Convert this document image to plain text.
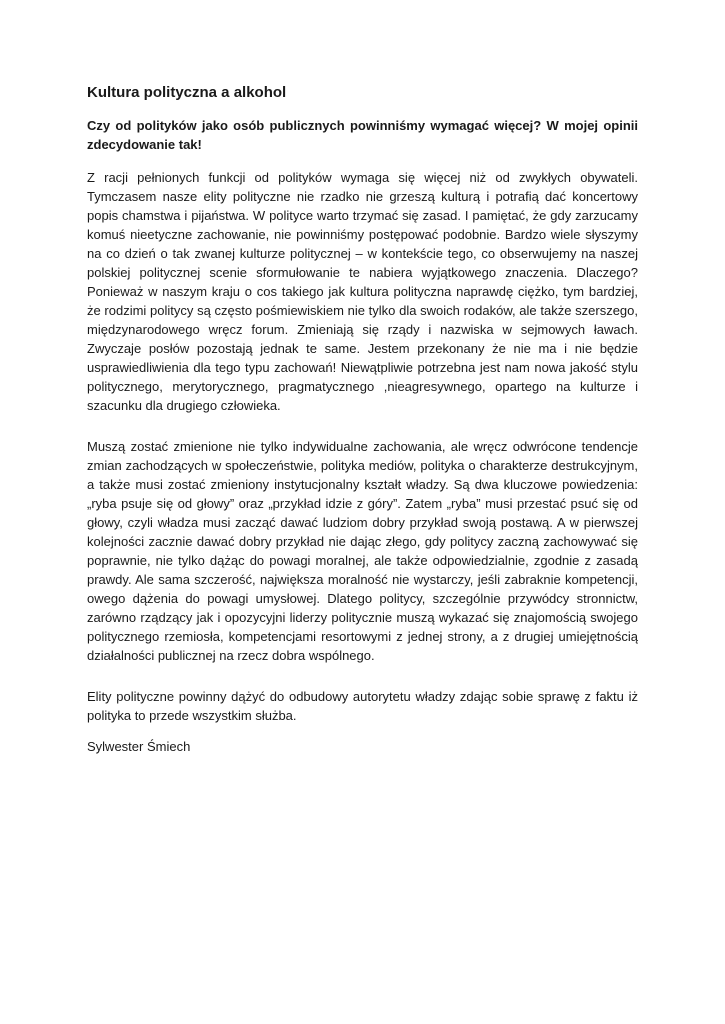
Kultura polityczna a alkohol

Czy od polityków jako osób publicznych powinniśmy wymagać więcej? W mojej opinii zdecydowanie tak!

Z racji pełnionych funkcji od polityków wymaga się więcej niż od zwykłych obywateli. Tymczasem nasze elity polityczne nie rzadko nie grzeszą kulturą i potrafią dać koncertowy popis chamstwa i pijaństwa. W polityce warto trzymać się zasad. I pamiętać, że gdy zarzucamy komuś nieetyczne zachowanie, nie powinniśmy postępować podobnie. Bardzo wiele słyszymy na co dzień o tak zwanej kulturze politycznej – w kontekście tego, co obserwujemy na naszej polskiej politycznej scenie sformułowanie te nabiera wyjątkowego znaczenia. Dlaczego? Ponieważ w naszym kraju o cos takiego jak kultura polityczna naprawdę ciężko, tym bardziej, że rodzimi politycy są często pośmiewiskiem nie tylko dla swoich rodaków, ale także szerszego, międzynarodowego wręcz forum. Zmieniają się rządy i nazwiska w sejmowych ławach. Zwyczaje posłów pozostają jednak te same. Jestem przekonany że nie ma i nie będzie usprawiedliwienia dla tego typu zachowań! Niewątpliwie potrzebna jest nam nowa jakość stylu politycznego, merytorycznego, pragmatycznego ,nieagresywnego, opartego na kulturze i szacunku dla drugiego człowieka.

Muszą zostać zmienione nie tylko indywidualne zachowania, ale wręcz odwrócone tendencje zmian zachodzących w społeczeństwie, polityka mediów, polityka o charakterze destrukcyjnym, a także musi zostać zmieniony instytucjonalny kształt władzy. Są dwa kluczowe powiedzenia: „ryba psuje się od głowy” oraz „przykład idzie z góry”. Zatem „ryba” musi przestać psuć się od głowy, czyli władza musi zacząć dawać ludziom dobry przykład swoją postawą. A w pierwszej kolejności zacznie dawać dobry przykład nie dając złego, gdy politycy zaczną zachowywać się poprawnie, nie tylko dążąc do powagi moralnej, ale także odpowiedzialnie, zgodnie z zasadą prawdy. Ale sama szczerość, największa moralność nie wystarczy, jeśli zabraknie kompetencji, owego dążenia do powagi umysłowej. Dlatego politycy, szczególnie przywódcy stronnictw, zarówno rządzący jak i opozycyjni liderzy politycznie muszą wykazać się znajomością swojego politycznego rzemiosła, kompetencjami resortowymi z jednej strony, a z drugiej umiejętnością działalności publicznej na rzecz dobra wspólnego.

Elity polityczne powinny dążyć do odbudowy autorytetu władzy zdając sobie sprawę z faktu iż polityka to przede wszystkim służba.

Sylwester Śmiech
